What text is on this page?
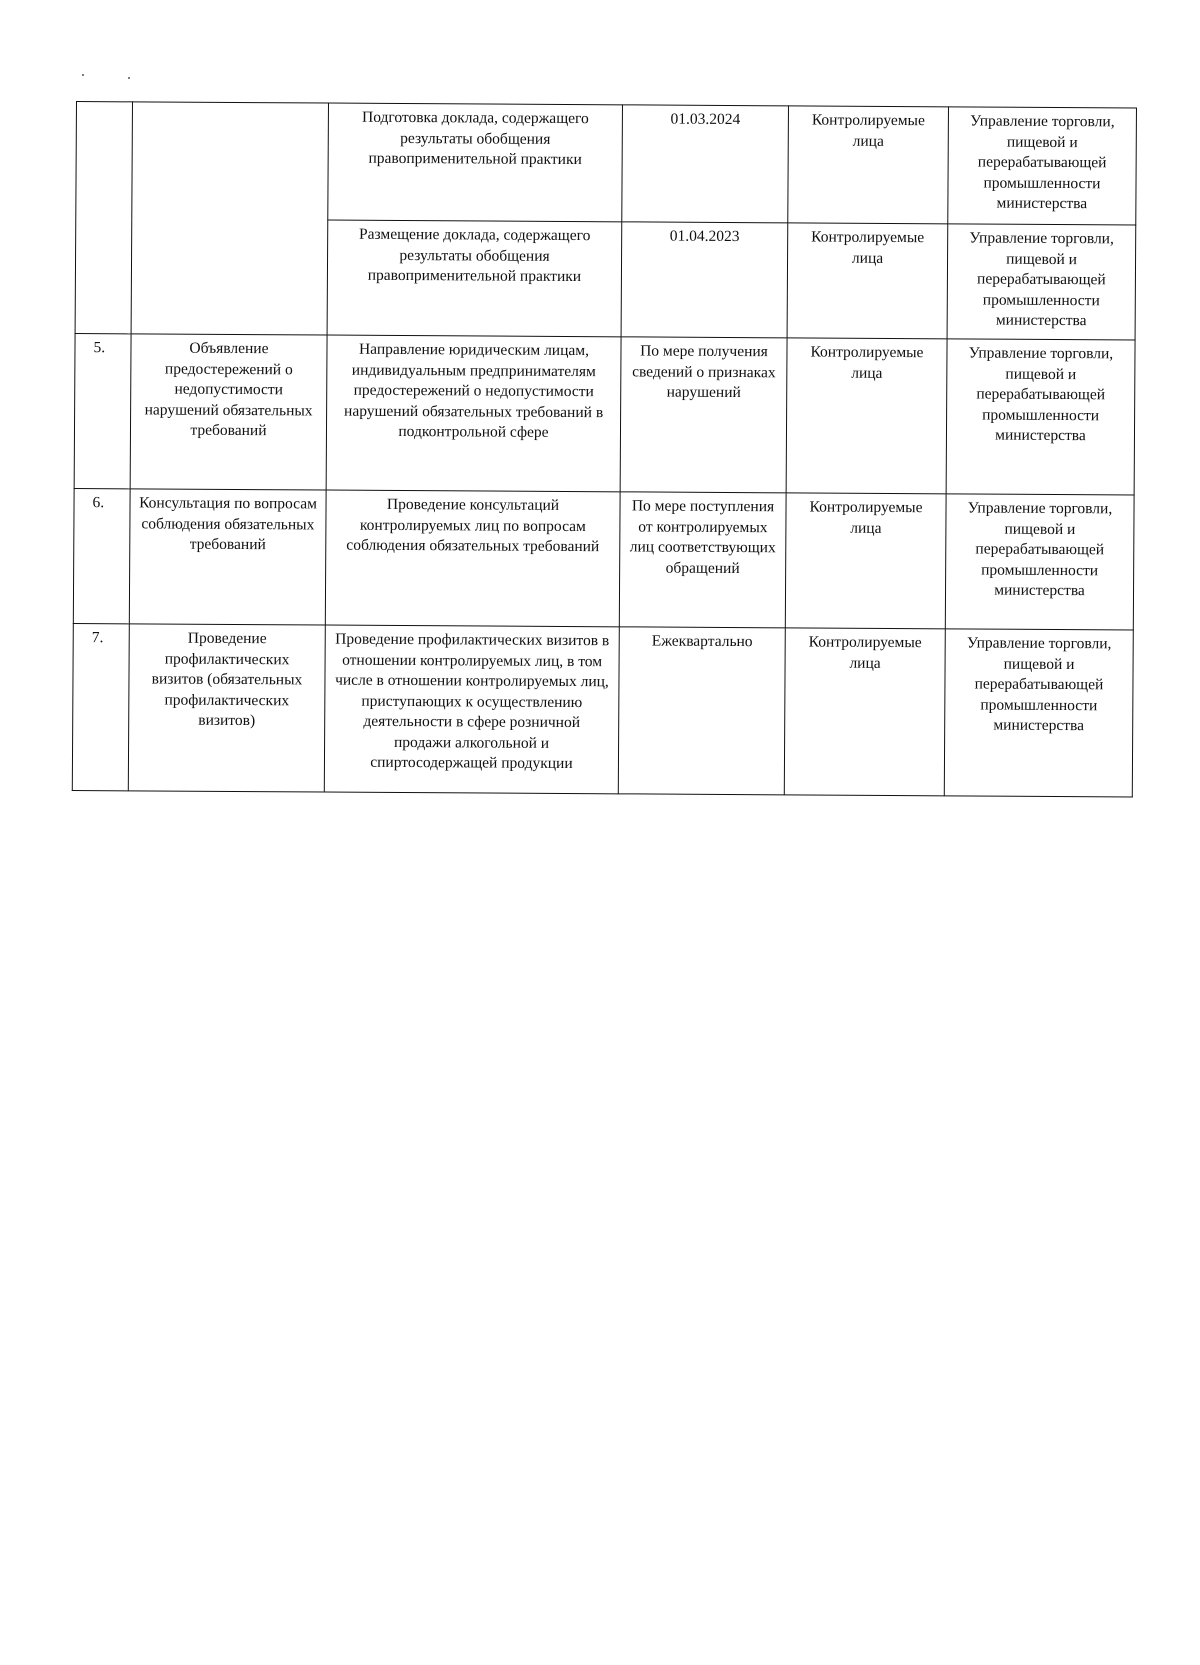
		Подготовка доклада, содержащего результаты обобщения правоприменительной практики	01.03.2024	Контролируемые лица	Управление торговли, пищевой и перерабатывающей промышленности министерства
		Размещение доклада, содержащего результаты обобщения правоприменительной практики	01.04.2023	Контролируемые лица	Управление торговли, пищевой и перерабатывающей промышленности министерства
5.	Объявление предостережений о недопустимости нарушений обязательных требований	Направление юридическим лицам, индивидуальным предпринимателям предостережений о недопустимости нарушений обязательных требований в подконтрольной сфере	По мере получения сведений о признаках нарушений	Контролируемые лица	Управление торговли, пищевой и перерабатывающей промышленности министерства
6.	Консультация по вопросам соблюдения обязательных требований	Проведение консультаций контролируемых лиц по вопросам соблюдения обязательных требований	По мере поступления от контролируемых лиц соответствующих обращений	Контролируемые лица	Управление торговли, пищевой и перерабатывающей промышленности министерства
7.	Проведение профилактических визитов (обязательных профилактических визитов)	Проведение профилактических визитов в отношении контролируемых лиц, в том числе в отношении контролируемых лиц, приступающих к осуществлению деятельности в сфере розничной продажи алкогольной и спиртосодержащей продукции	Ежеквартально	Контролируемые лица	Управление торговли, пищевой и перерабатывающей промышленности министерства
